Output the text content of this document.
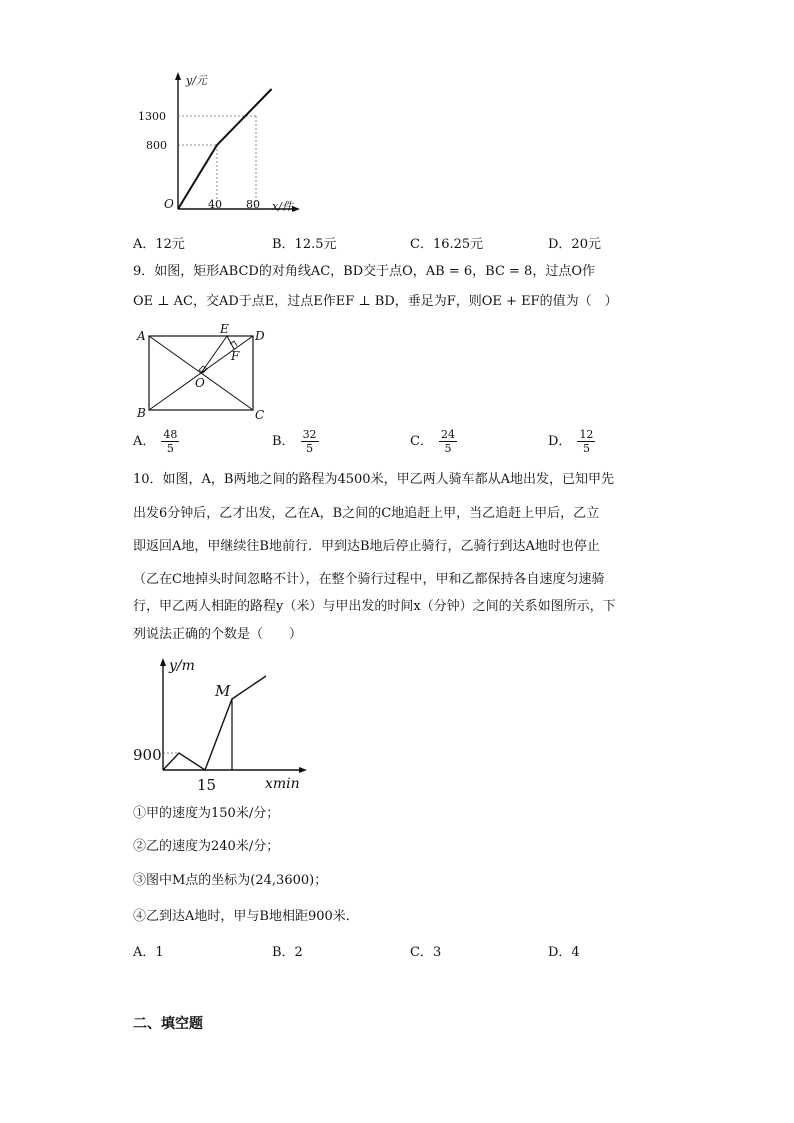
y/元
1300
800
O	40 80 x/件
A．12元	B．12.5元	C．16.25元	D．20元
9．如图，矩形ABCD的对角线AC，BD交于点O，AB = 6，BC = 8，过点O作
OE ⊥ AC，交AD于点E，过点E作EF ⊥ BD，垂足为F，则OE + EF的值为（　）
A
B	C
D
E
F
O
A． $\frac{48}{5}$	B． $\frac{32}{5}$	C． $\frac{24}{5}$	D． $\frac{12}{5}$
10．如图，A，B两地之间的路程为4500米，甲乙两人骑车都从A地出发，已知甲先
出发6分钟后，乙才出发，乙在A，B之间的C地追赶上甲，当乙追赶上甲后，乙立
即返回A地，甲继续往B地前行．甲到达B地后停止骑行，乙骑行到达A地时也停止
（乙在C地掉头时间忽略不计），在整个骑行过程中，甲和乙都保持各自速度匀速骑
行，甲乙两人相距的路程y（米）与甲出发的时间x（分钟）之间的关系如图所示，下
列说法正确的个数是（　　）
y/m
900
15	xmin
M
①甲的速度为150米/分；
②乙的速度为240米/分；
③图中M点的坐标为(24,3600)；
④乙到达A地时，甲与B地相距900米．
A．1	B．2	C．3	D．4
二、填空题
